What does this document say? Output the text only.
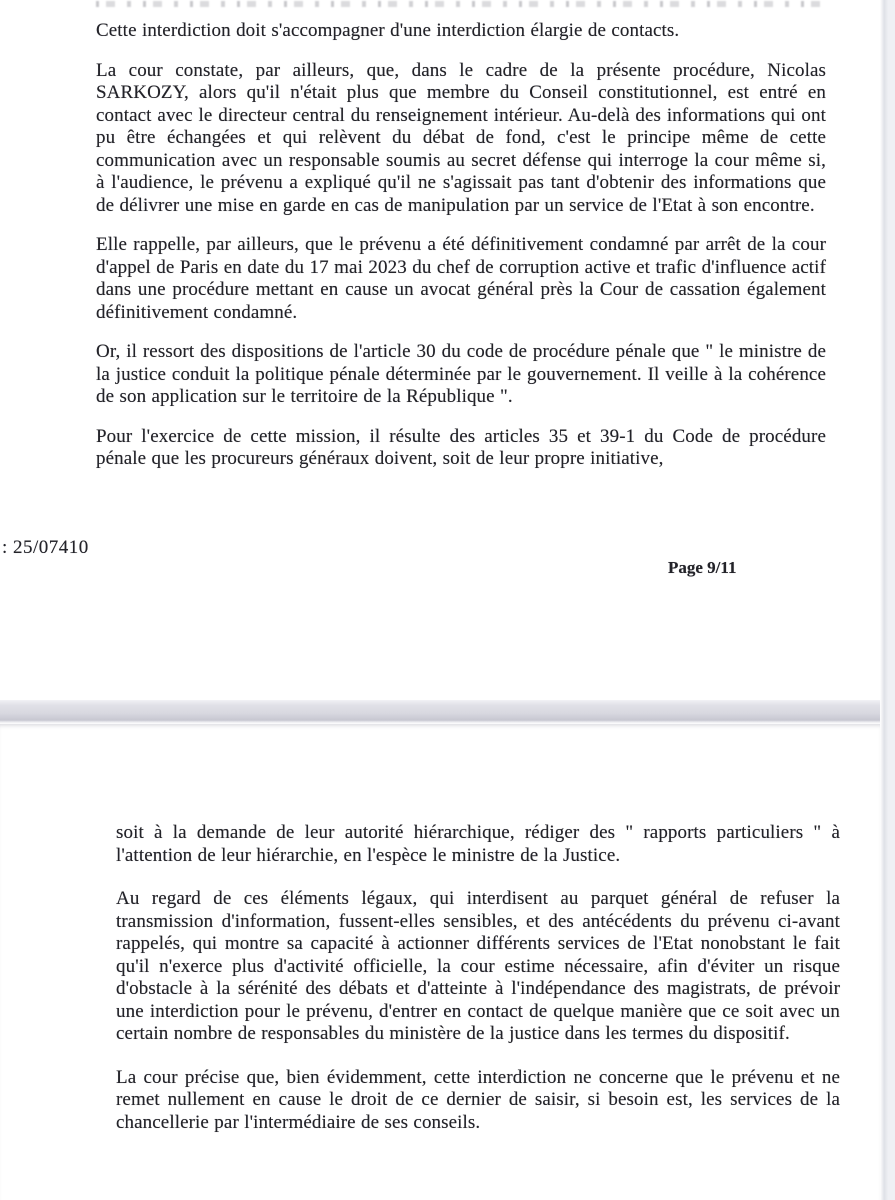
Cette interdiction doit s'accompagner d'une interdiction élargie de contacts.

La cour constate, par ailleurs, que, dans le cadre de la présente procédure, Nicolas SARKOZY, alors qu'il n'était plus que membre du Conseil constitutionnel, est entré en contact avec le directeur central du renseignement intérieur. Au-delà des informations qui ont pu être échangées et qui relèvent du débat de fond, c'est le principe même de cette communication avec un responsable soumis au secret défense qui interroge la cour même si, à l'audience, le prévenu a expliqué qu'il ne s'agissait pas tant d'obtenir des informations que de délivrer une mise en garde en cas de manipulation par un service de l'Etat à son encontre.

Elle rappelle, par ailleurs, que le prévenu a été définitivement condamné par arrêt de la cour d'appel de Paris en date du 17 mai 2023 du chef de corruption active et trafic d'influence actif dans une procédure mettant en cause un avocat général près la Cour de cassation également définitivement condamné.

Or, il ressort des dispositions de l'article 30 du code de procédure pénale que " le ministre de la justice conduit la politique pénale déterminée par le gouvernement. Il veille à la cohérence de son application sur le territoire de la République ".

Pour l'exercice de cette mission, il résulte des articles 35 et 39-1 du Code de procédure pénale que les procureurs généraux doivent, soit de leur propre initiative,

: 25/07410
Page 9/11

soit à la demande de leur autorité hiérarchique, rédiger des " rapports particuliers " à l'attention de leur hiérarchie, en l'espèce le ministre de la Justice.

Au regard de ces éléments légaux, qui interdisent au parquet général de refuser la transmission d'information, fussent-elles sensibles, et des antécédents du prévenu ci-avant rappelés, qui montre sa capacité à actionner différents services de l'Etat nonobstant le fait qu'il n'exerce plus d'activité officielle, la cour estime nécessaire, afin d'éviter un risque d'obstacle à la sérénité des débats et d'atteinte à l'indépendance des magistrats, de prévoir une interdiction pour le prévenu, d'entrer en contact de quelque manière que ce soit avec un certain nombre de responsables du ministère de la justice dans les termes du dispositif.

La cour précise que, bien évidemment, cette interdiction ne concerne que le prévenu et ne remet nullement en cause le droit de ce dernier de saisir, si besoin est, les services de la chancellerie par l'intermédiaire de ses conseils.
